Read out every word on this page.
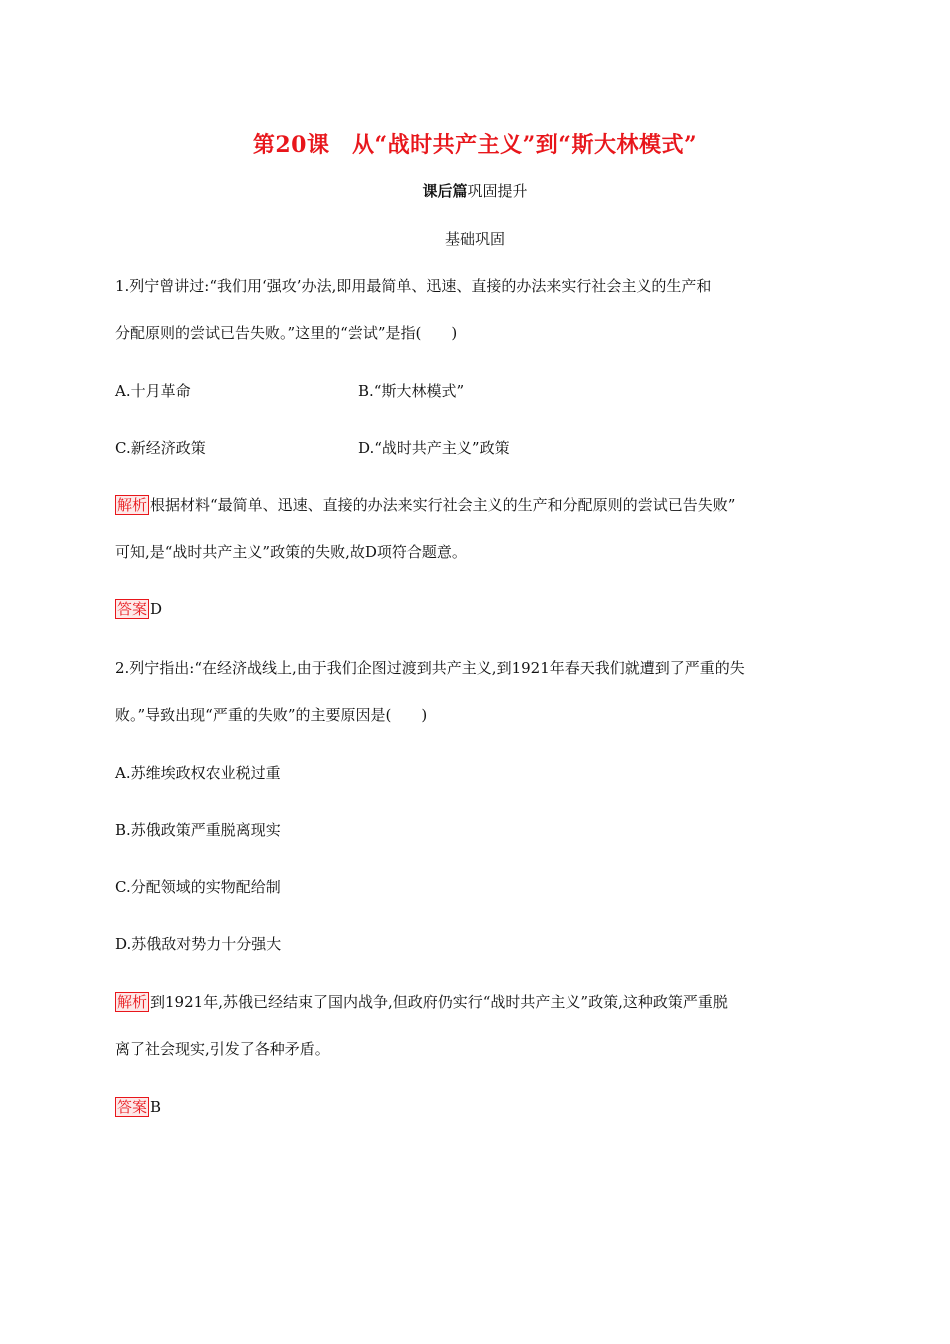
第20课　从“战时共产主义”到“斯大林模式”
课后篇巩固提升
基础巩固
1.列宁曾讲过:“我们用‘强攻’办法,即用最简单、迅速、直接的办法来实行社会主义的生产和
分配原则的尝试已告失败。”这里的“尝试”是指(　　)
A.十月革命	B.“斯大林模式”
C.新经济政策	D.“战时共产主义”政策
解析 根据材料“最简单、迅速、直接的办法来实行社会主义的生产和分配原则的尝试已告失败”
可知,是“战时共产主义”政策的失败,故D项符合题意。
答案 D
2.列宁指出:“在经济战线上,由于我们企图过渡到共产主义,到1921年春天我们就遭到了严重的失
败。”导致出现“严重的失败”的主要原因是(　　)
A.苏维埃政权农业税过重
B.苏俄政策严重脱离现实
C.分配领域的实物配给制
D.苏俄敌对势力十分强大
解析 到1921年,苏俄已经结束了国内战争,但政府仍实行“战时共产主义”政策,这种政策严重脱
离了社会现实,引发了各种矛盾。
答案 B
